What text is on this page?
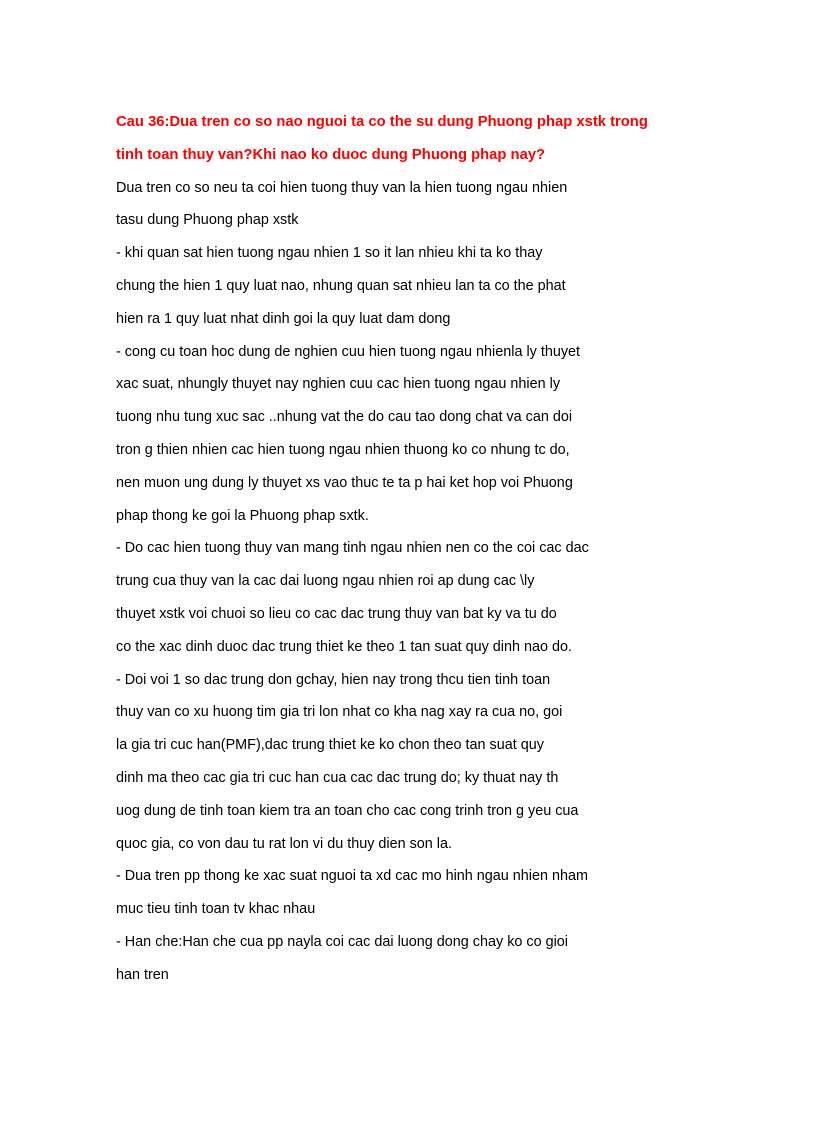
Cau 36:Dua tren co so nao nguoi ta co the su dung Phuong phap xstk trong
tinh toan thuy van?Khi nao ko duoc dung Phuong phap nay?
Dua tren co so neu ta coi hien tuong thuy van la hien tuong ngau nhien
tasu dung Phuong phap xstk
- khi quan sat hien tuong ngau nhien 1 so it lan nhieu khi ta ko thay
chung the hien 1 quy luat nao, nhung quan sat nhieu lan ta co the phat
hien ra 1 quy luat nhat dinh goi la quy luat dam dong
- cong cu toan hoc dung de nghien cuu hien tuong ngau nhienla ly thuyet
xac suat, nhungly thuyet nay nghien cuu cac hien tuong ngau nhien ly
tuong nhu tung xuc sac ..nhung vat the do cau tao dong chat va can doi
tron g thien nhien cac hien tuong ngau nhien thuong ko co nhung tc do,
nen muon ung dung ly thuyet xs vao thuc te ta p hai ket hop voi Phuong
phap thong ke goi la Phuong phap sxtk.
- Do cac hien tuong thuy van mang tinh ngau nhien nen co the coi cac dac
trung cua thuy van la cac dai luong ngau nhien roi ap dung cac \ly
thuyet xstk voi chuoi so lieu co cac dac trung thuy van bat ky va tu do
co the xac dinh duoc dac trung thiet ke theo 1 tan suat quy dinh nao do.
- Doi voi 1 so dac trung don gchay, hien nay trong thcu tien tinh toan
thuy van co xu huong tim gia tri lon nhat co kha nag xay ra cua no, goi
la gia tri cuc han(PMF),dac trung thiet ke ko chon theo tan suat quy
dinh ma theo cac gia tri cuc han cua cac dac trung do; ky thuat nay th
uog dung de tinh toan kiem tra an toan cho cac cong trinh tron g yeu cua
quoc gia, co von dau tu rat lon vi du thuy dien son la.
- Dua tren pp thong ke xac suat nguoi ta xd cac mo hinh ngau nhien nham
muc tieu tinh toan tv khac nhau
- Han che:Han che cua pp nayla coi cac dai luong dong chay ko co gioi
han tren
